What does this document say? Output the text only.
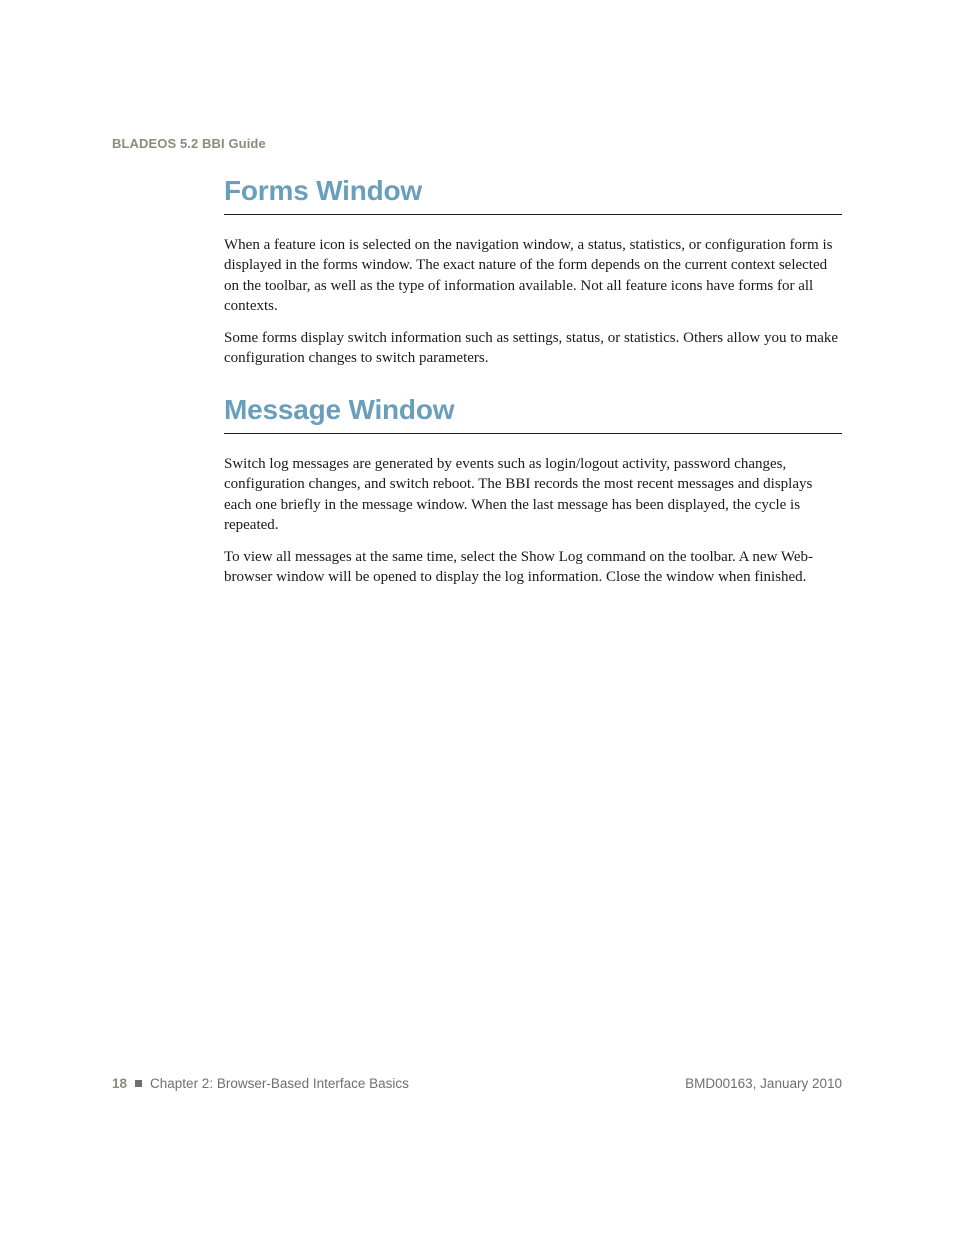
BLADEOS 5.2 BBI Guide
Forms Window

When a feature icon is selected on the navigation window, a status, statistics, or configuration form is displayed in the forms window. The exact nature of the form depends on the current context selected on the toolbar, as well as the type of information available. Not all feature icons have forms for all contexts.

Some forms display switch information such as settings, status, or statistics. Others allow you to make configuration changes to switch parameters.

Message Window

Switch log messages are generated by events such as login/logout activity, password changes, configuration changes, and switch reboot. The BBI records the most recent messages and displays each one briefly in the message window. When the last message has been displayed, the cycle is repeated.

To view all messages at the same time, select the Show Log command on the toolbar. A new Web-browser window will be opened to display the log information. Close the window when finished.

18 Chapter 2: Browser-Based Interface Basics	BMD00163, January 2010
